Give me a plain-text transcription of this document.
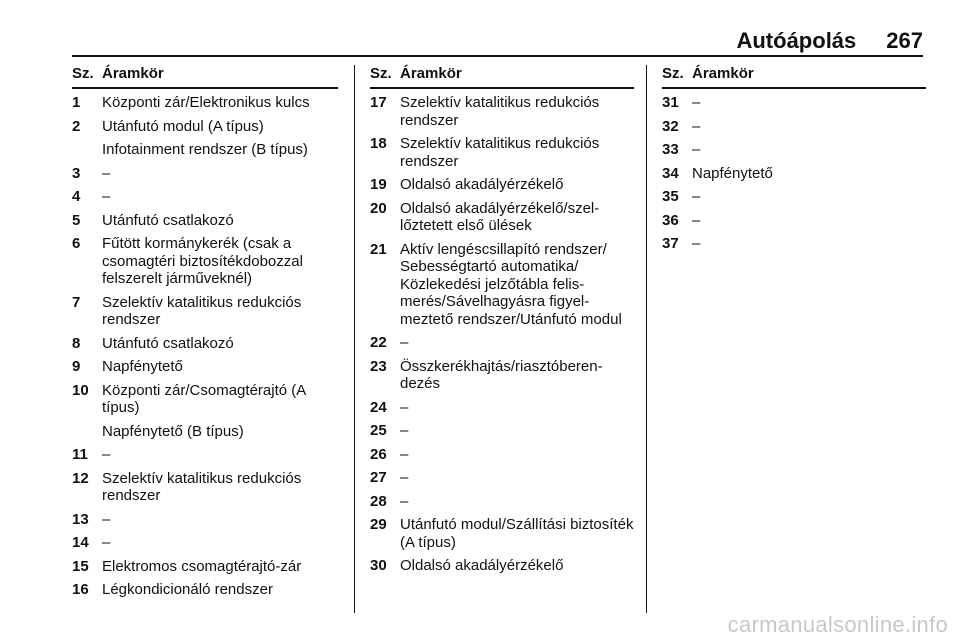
Autóápolás 267
Sz. Áramkör
1	Központi zár/Elektronikus kulcs
2	Utánfutó modul (A típus)
Infotainment rendszer (B típus)
3	–
4	–
5	Utánfutó csatlakozó
6	Fűtött kormánykerék (csak a csomagtéri biztosítékdobozzal felszerelt járműveknél)
7	Szelektív katalitikus redukciós rendszer
8	Utánfutó csatlakozó
9	Napfénytető
10 Központi zár/Csomagtérajtó (A típus)
Napfénytető (B típus)
11 –
12 Szelektív katalitikus redukciós rendszer
13 –
14 –
15 Elektromos csomagtérajtó-zár
16 Légkondicionáló rendszer
Sz. Áramkör
17 Szelektív katalitikus redukciós rendszer
18 Szelektív katalitikus redukciós rendszer
19 Oldalsó akadályérzékelő
20 Oldalsó akadályérzékelő/szellőztetett első ülések
21 Aktív lengéscsillapító rendszer/ Sebességtartó automatika/ Közlekedési jelzőtábla felismerés/Sávelhagyásra figyelmeztető rendszer/Utánfutó modul
22 –
23 Összkerékhajtás/riasztóberendezés
24 –
25 –
26 –
27 –
28 –
29 Utánfutó modul/Szállítási biztosíték (A típus)
30 Oldalsó akadályérzékelő
Sz. Áramkör
31 –
32 –
33 –
34 Napfénytető
35 –
36 –
37 –
carmanualsonline.info
